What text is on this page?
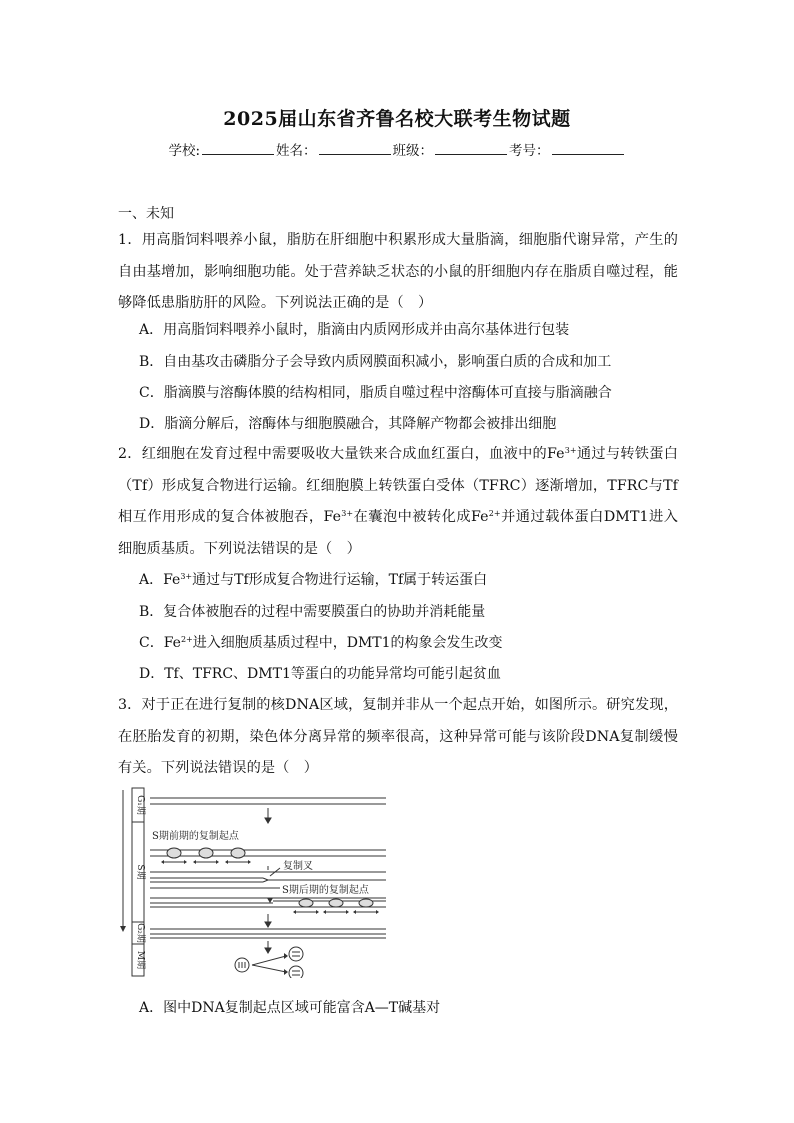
2025届山东省齐鲁名校大联考生物试题
学校:	姓名：	班级：	考号：
一、未知
1．用高脂饲料喂养小鼠，脂肪在肝细胞中积累形成大量脂滴，细胞脂代谢异常，产生的自由基增加，影响细胞功能。处于营养缺乏状态的小鼠的肝细胞内存在脂质自噬过程，能够降低患脂肪肝的风险。下列说法正确的是（　）
A．用高脂饲料喂养小鼠时，脂滴由内质网形成并由高尔基体进行包装
B．自由基攻击磷脂分子会导致内质网膜面积减小，影响蛋白质的合成和加工
C．脂滴膜与溶酶体膜的结构相同，脂质自噬过程中溶酶体可直接与脂滴融合
D．脂滴分解后，溶酶体与细胞膜融合，其降解产物都会被排出细胞
2．红细胞在发育过程中需要吸收大量铁来合成血红蛋白，血液中的$Fe^{3+}$通过与转铁蛋白（Tf）形成复合物进行运输。红细胞膜上转铁蛋白受体（TFRC）逐渐增加，TFRC与Tf相互作用形成的复合体被胞吞，$Fe^{3+}$在囊泡中被转化成$Fe^{2+}$并通过载体蛋白DMT1进入细胞质基质。下列说法错误的是（　）
A．$Fe^{3+}$通过与Tf形成复合物进行运输，Tf属于转运蛋白
B．复合体被胞吞的过程中需要膜蛋白的协助并消耗能量
C．$Fe^{2+}$进入细胞质基质过程中，DMT1的构象会发生改变
D．Tf、TFRC、DMT1等蛋白的功能异常均可能引起贫血
3．对于正在进行复制的核DNA区域，复制并非从一个起点开始，如图所示。研究发现，在胚胎发育的初期，染色体分离异常的频率很高，这种异常可能与该阶段DNA复制缓慢有关。下列说法错误的是（　）
G₁期
S期
G₂期
M期
S期前期的复制起点
复制叉
S期后期的复制起点
A．图中DNA复制起点区域可能富含A—T碱基对
